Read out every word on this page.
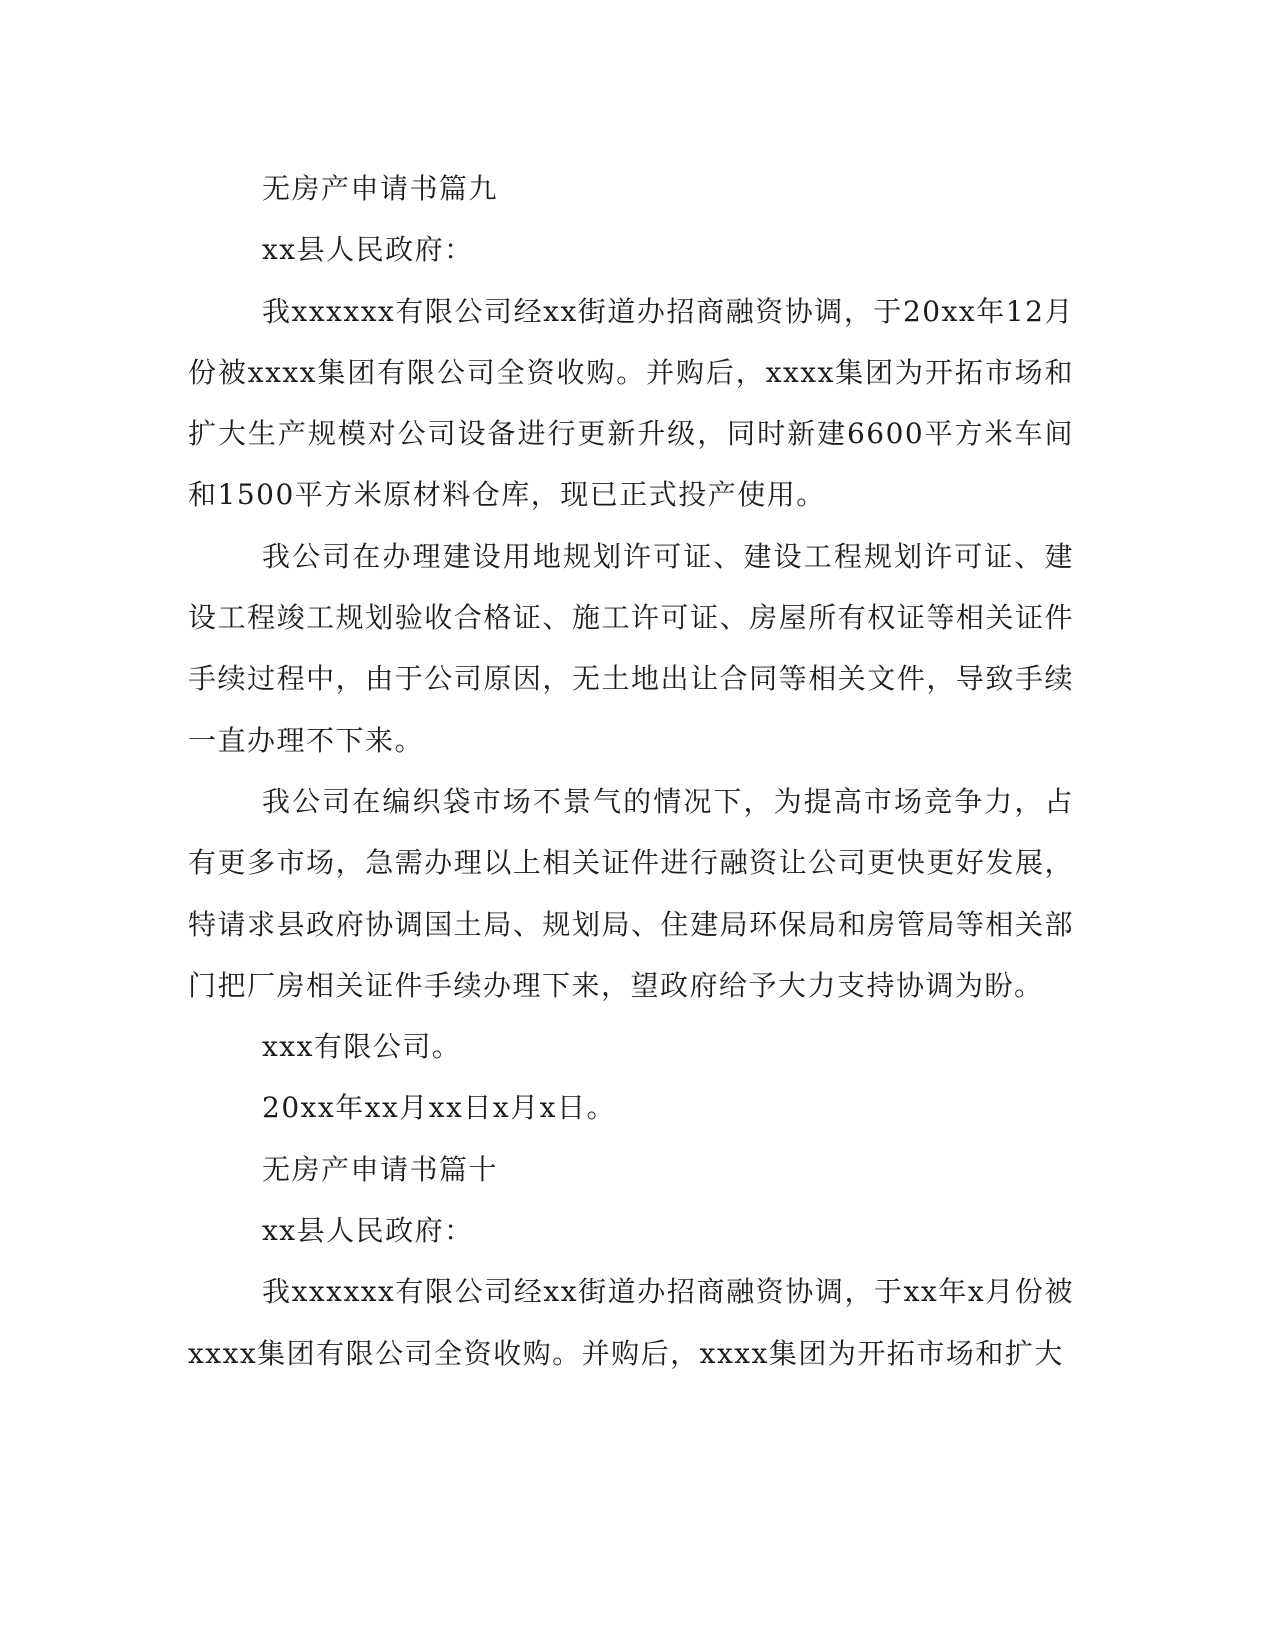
无房产申请书篇九

xx县人民政府：

我xxxxxx有限公司经xx街道办招商融资协调，于20xx年12月份被xxxx集团有限公司全资收购。并购后，xxxx集团为开拓市场和扩大生产规模对公司设备进行更新升级，同时新建6600平方米车间和1500平方米原材料仓库，现已正式投产使用。

我公司在办理建设用地规划许可证、建设工程规划许可证、建设工程竣工规划验收合格证、施工许可证、房屋所有权证等相关证件手续过程中，由于公司原因，无土地出让合同等相关文件，导致手续一直办理不下来。

我公司在编织袋市场不景气的情况下，为提高市场竞争力，占有更多市场，急需办理以上相关证件进行融资让公司更快更好发展，特请求县政府协调国土局、规划局、住建局环保局和房管局等相关部门把厂房相关证件手续办理下来，望政府给予大力支持协调为盼。

xxx有限公司。

20xx年xx月xx日x月x日。

无房产申请书篇十

xx县人民政府：

我xxxxxx有限公司经xx街道办招商融资协调，于xx年x月份被xxxx集团有限公司全资收购。并购后，xxxx集团为开拓市场和扩大
